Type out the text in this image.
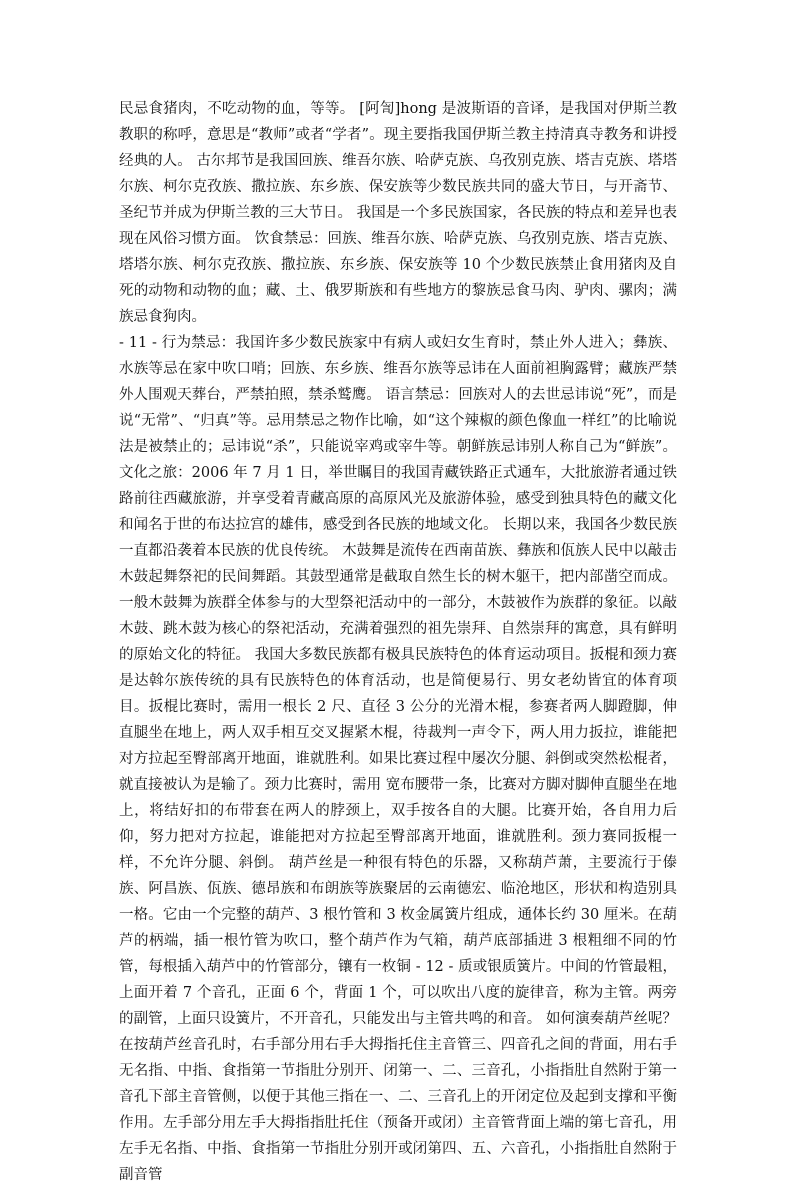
民忌食猪肉，不吃动物的血，等等。 [阿訇]hong 是波斯语的音译，是我国对伊斯兰教教职的称呼，意思是“教师”或者“学者”。现主要指我国伊斯兰教主持清真寺教务和讲授经典的人。 古尔邦节是我国回族、维吾尔族、哈萨克族、乌孜别克族、塔吉克族、塔塔尔族、柯尔克孜族、撒拉族、东乡族、保安族等少数民族共同的盛大节日，与开斋节、圣纪节并成为伊斯兰教的三大节日。 我国是一个多民族国家，各民族的特点和差异也表现在风俗习惯方面。 饮食禁忌：回族、维吾尔族、哈萨克族、乌孜别克族、塔吉克族、塔塔尔族、柯尔克孜族、撒拉族、东乡族、保安族等 10 个少数民族禁止食用猪肉及自死的动物和动物的血；藏、土、俄罗斯族和有些地方的黎族忌食马肉、驴肉、骡肉；满族忌食狗肉。

- 11 - 行为禁忌：我国许多少数民族家中有病人或妇女生育时，禁止外人进入；彝族、水族等忌在家中吹口哨；回族、东乡族、维吾尔族等忌讳在人面前袒胸露臂；藏族严禁外人围观天葬台，严禁拍照，禁杀鹫鹰。 语言禁忌：回族对人的去世忌讳说“死”，而是说“无常”、“归真”等。忌用禁忌之物作比喻，如“这个辣椒的颜色像血一样红”的比喻说法是被禁止的；忌讳说“杀”，只能说宰鸡或宰牛等。朝鲜族忌讳别人称自己为“鲜族”。 文化之旅：2006 年 7 月 1 日，举世瞩目的我国青藏铁路正式通车，大批旅游者通过铁路前往西藏旅游，并享受着青藏高原的高原风光及旅游体验，感受到独具特色的藏文化和闻名于世的布达拉宫的雄伟，感受到各民族的地域文化。 长期以来，我国各少数民族一直都沿袭着本民族的优良传统。 木鼓舞是流传在西南苗族、彝族和佤族人民中以敲击木鼓起舞祭祀的民间舞蹈。其鼓型通常是截取自然生长的树木躯干，把内部凿空而成。一般木鼓舞为族群全体参与的大型祭祀活动中的一部分，木鼓被作为族群的象征。以敲木鼓、跳木鼓为核心的祭祀活动，充满着强烈的祖先崇拜、自然崇拜的寓意，具有鲜明的原始文化的特征。 我国大多数民族都有极具民族特色的体育运动项目。扳棍和颈力赛是达斡尔族传统的具有民族特色的体育活动，也是简便易行、男女老幼皆宜的体育项目。扳棍比赛时，需用一根长 2 尺、直径 3 公分的光滑木棍，参赛者两人脚蹬脚，伸直腿坐在地上，两人双手相互交叉握紧木棍，待裁判一声令下，两人用力扳拉，谁能把对方拉起至臀部离开地面，谁就胜利。如果比赛过程中屡次分腿、斜倒或突然松棍者，就直接被认为是输了。颈力比赛时，需用 宽布腰带一条，比赛对方脚对脚伸直腿坐在地上，将结好扣的布带套在两人的脖颈上，双手按各自的大腿。比赛开始，各自用力后仰，努力把对方拉起，谁能把对方拉起至臀部离开地面，谁就胜利。颈力赛同扳棍一样，不允许分腿、斜倒。 葫芦丝是一种很有特色的乐器，又称葫芦萧，主要流行于傣族、阿昌族、佤族、德昂族和布朗族等族聚居的云南德宏、临沧地区，形状和构造别具一格。它由一个完整的葫芦、3 根竹管和 3 枚金属簧片组成，通体长约 30 厘米。在葫芦的柄端，插一根竹管为吹口，整个葫芦作为气箱，葫芦底部插进 3 根粗细不同的竹管，每根插入葫芦中的竹管部分，镶有一枚铜 - 12 - 质或银质簧片。中间的竹管最粗，上面开着 7 个音孔，正面 6 个，背面 1 个，可以吹出八度的旋律音，称为主管。两旁的副管，上面只设簧片，不开音孔，只能发出与主管共鸣的和音。 如何演奏葫芦丝呢？在按葫芦丝音孔时，右手部分用右手大拇指托住主音管三、四音孔之间的背面，用右手无名指、中指、食指第一节指肚分别开、闭第一、二、三音孔，小指指肚自然附于第一音孔下部主音管侧，以便于其他三指在一、二、三音孔上的开闭定位及起到支撑和平衡作用。左手部分用左手大拇指指肚托住（预备开或闭）主音管背面上端的第七音孔，用左手无名指、中指、食指第一节指肚分别开或闭第四、五、六音孔，小指指肚自然附于副音管
